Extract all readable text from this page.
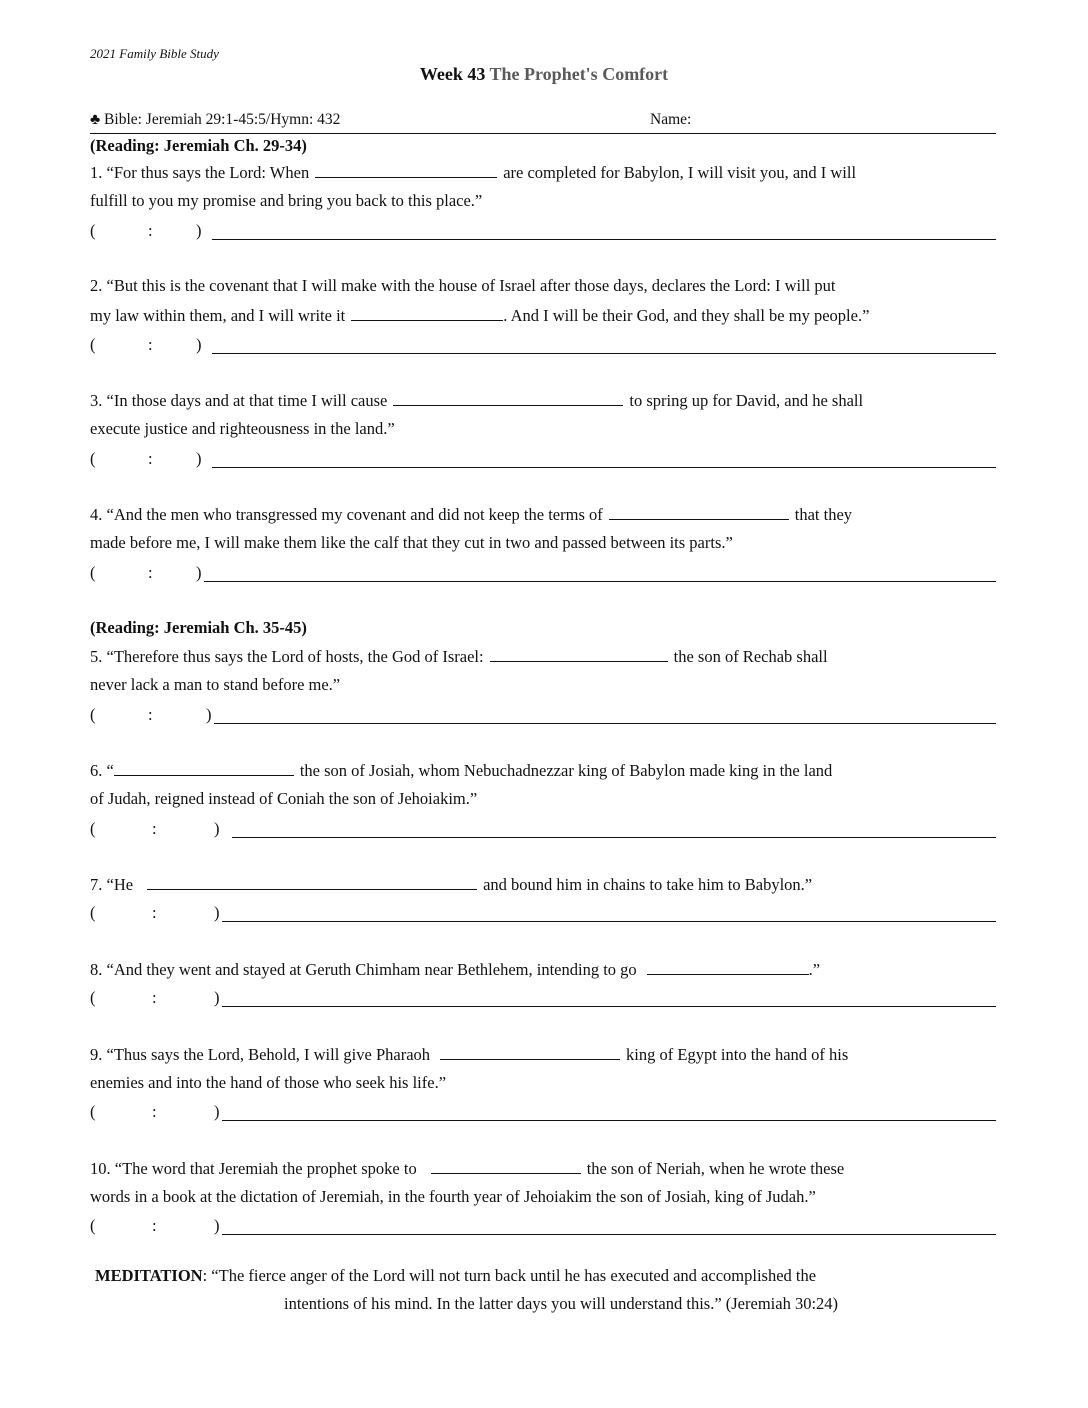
2021 Family Bible Study
Week 43 The Prophet's Comfort
♣ Bible: Jeremiah 29:1-45:5/Hymn: 432	Name:
(Reading: Jeremiah Ch. 29-34)
1. “For thus says the Lord: When	are completed for Babylon, I will visit you, and I will
fulfill to you my promise and bring you back to this place.”
(	:	)
2. “But this is the covenant that I will make with the house of Israel after those days, declares the Lord: I will put
my law within them, and I will write it	. And I will be their God, and they shall be my people.”
(	:	)
3. “In those days and at that time I will cause	to spring up for David, and he shall
execute justice and righteousness in the land.”
(	:	)
4. “And the men who transgressed my covenant and did not keep the terms of	that they
made before me, I will make them like the calf that they cut in two and passed between its parts.”
(	:	)
(Reading: Jeremiah Ch. 35-45)
5. “Therefore thus says the Lord of hosts, the God of Israel:	the son of Rechab shall
never lack a man to stand before me.”
(	:	)
6. “	the son of Josiah, whom Nebuchadnezzar king of Babylon made king in the land
of Judah, reigned instead of Coniah the son of Jehoiakim.”
(	:	)
7. “He	and bound him in chains to take him to Babylon.”
(	:	)
8. “And they went and stayed at Geruth Chimham near Bethlehem, intending to go	.”
(	:	)
9. “Thus says the Lord, Behold, I will give Pharaoh	king of Egypt into the hand of his
enemies and into the hand of those who seek his life.”
(	:	)
10. “The word that Jeremiah the prophet spoke to	the son of Neriah, when he wrote these
words in a book at the dictation of Jeremiah, in the fourth year of Jehoiakim the son of Josiah, king of Judah.”
(	:	)
MEDITATION: “The fierce anger of the Lord will not turn back until he has executed and accomplished the
intentions of his mind. In the latter days you will understand this.” (Jeremiah 30:24)
